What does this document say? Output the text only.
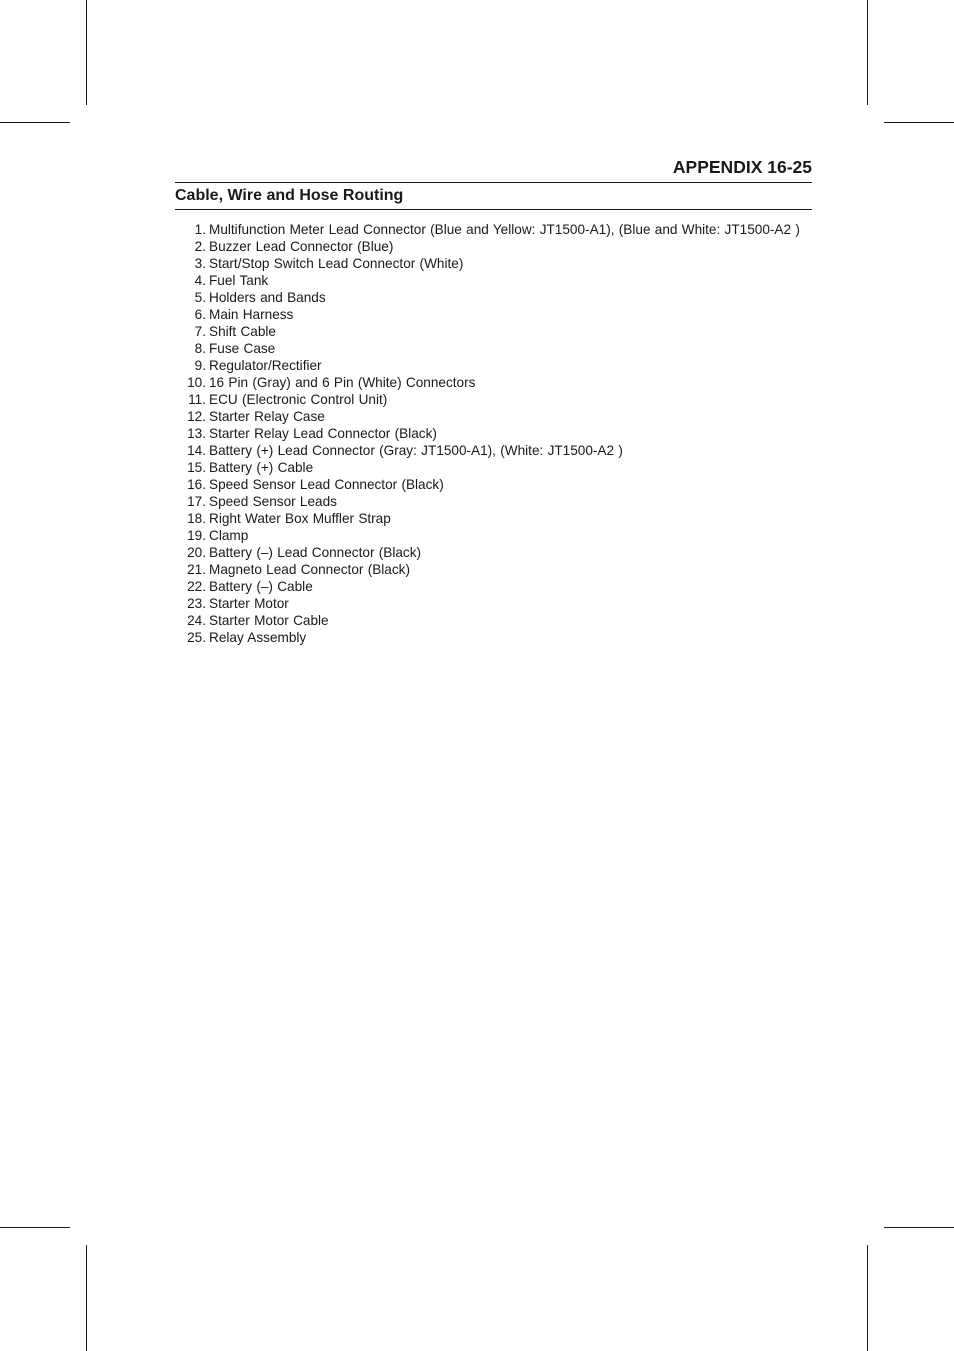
APPENDIX 16-25
Cable, Wire and Hose Routing
1. Multifunction Meter Lead Connector (Blue and Yellow: JT1500-A1), (Blue and White: JT1500-A2 )
2. Buzzer Lead Connector (Blue)
3. Start/Stop Switch Lead Connector (White)
4. Fuel Tank
5. Holders and Bands
6. Main Harness
7. Shift Cable
8. Fuse Case
9. Regulator/Rectifier
10. 16 Pin (Gray) and 6 Pin (White) Connectors
11. ECU (Electronic Control Unit)
12. Starter Relay Case
13. Starter Relay Lead Connector (Black)
14. Battery (+) Lead Connector (Gray: JT1500-A1), (White: JT1500-A2 )
15. Battery (+) Cable
16. Speed Sensor Lead Connector (Black)
17. Speed Sensor Leads
18. Right Water Box Muffler Strap
19. Clamp
20. Battery (–) Lead Connector (Black)
21. Magneto Lead Connector (Black)
22. Battery (–) Cable
23. Starter Motor
24. Starter Motor Cable
25. Relay Assembly
